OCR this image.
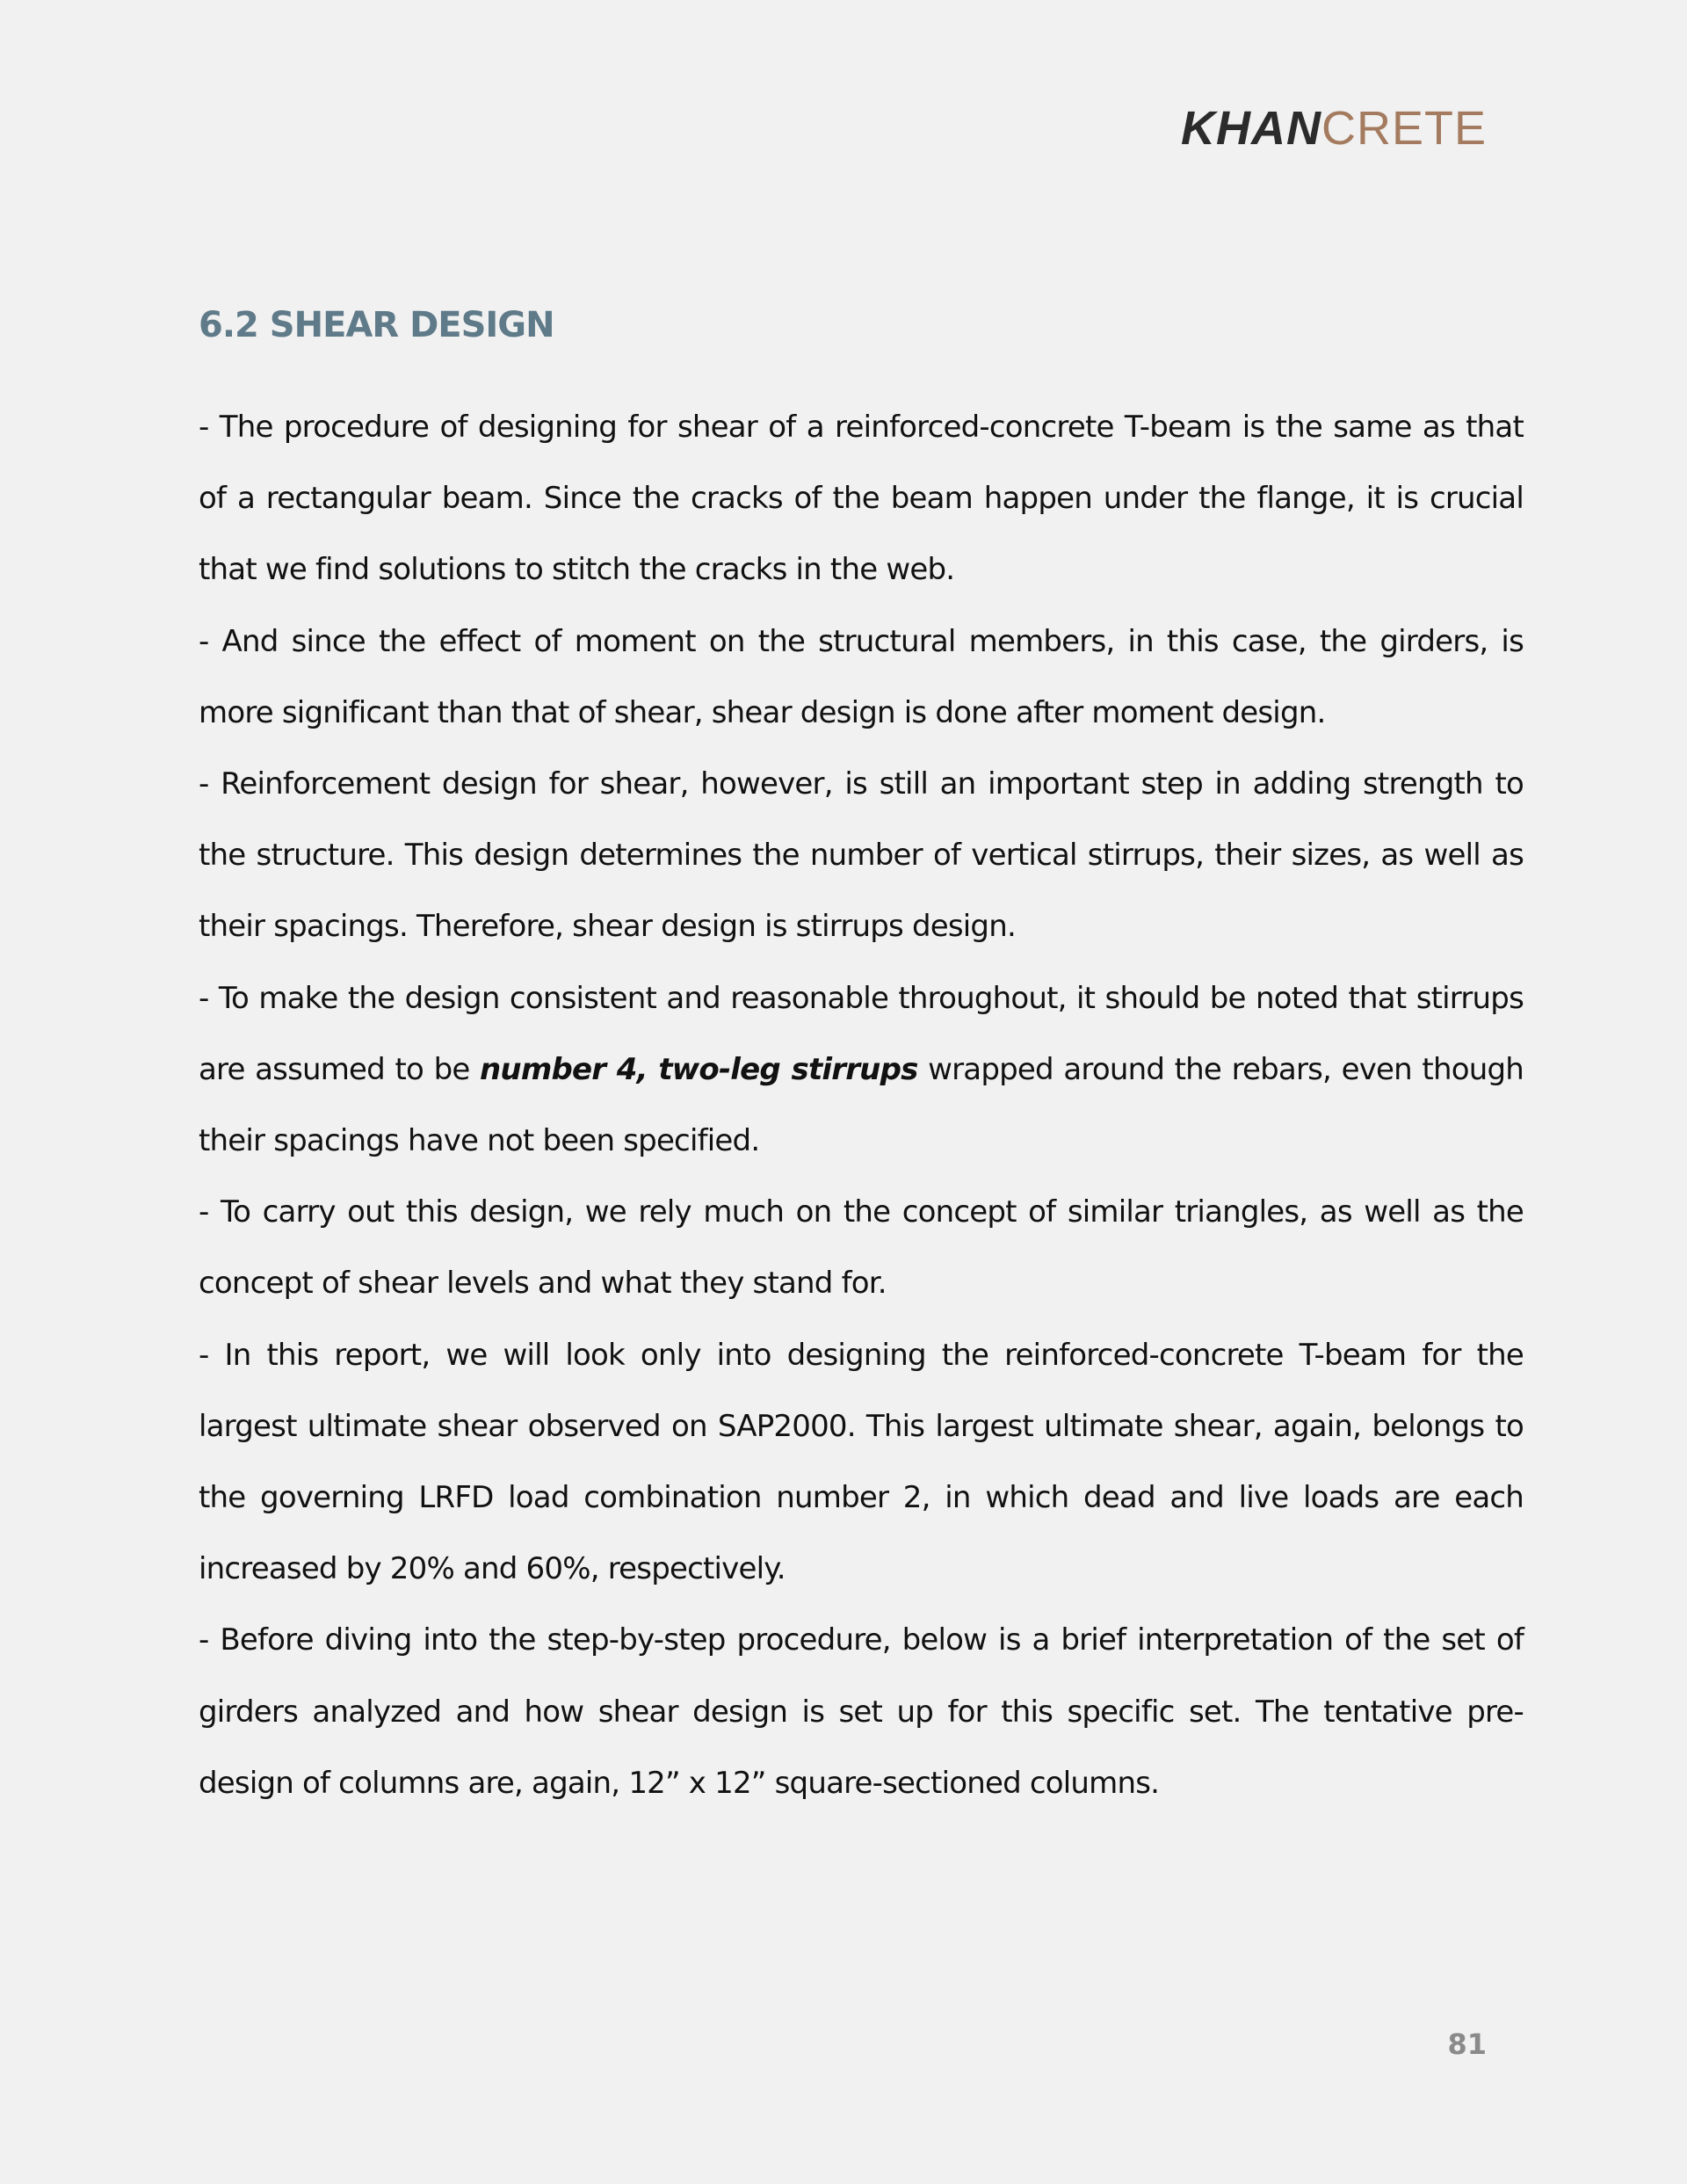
KHANCRETE
6.2 SHEAR DESIGN

- The procedure of designing for shear of a reinforced-concrete T-beam is the same as that of a rectangular beam. Since the cracks of the beam happen under the flange, it is crucial that we find solutions to stitch the cracks in the web.

- And since the effect of moment on the structural members, in this case, the girders, is more significant than that of shear, shear design is done after moment design.

- Reinforcement design for shear, however, is still an important step in adding strength to the structure. This design determines the number of vertical stirrups, their sizes, as well as their spacings. Therefore, shear design is stirrups design.

- To make the design consistent and reasonable throughout, it should be noted that stirrups are assumed to be number 4, two-leg stirrups wrapped around the rebars, even though their spacings have not been specified.

- To carry out this design, we rely much on the concept of similar triangles, as well as the concept of shear levels and what they stand for.

- In this report, we will look only into designing the reinforced-concrete T-beam for the largest ultimate shear observed on SAP2000. This largest ultimate shear, again, belongs to the governing LRFD load combination number 2, in which dead and live loads are each increased by 20% and 60%, respectively.

- Before diving into the step-by-step procedure, below is a brief interpretation of the set of girders analyzed and how shear design is set up for this specific set. The tentative pre-design of columns are, again, 12” x 12” square-sectioned columns.

81
